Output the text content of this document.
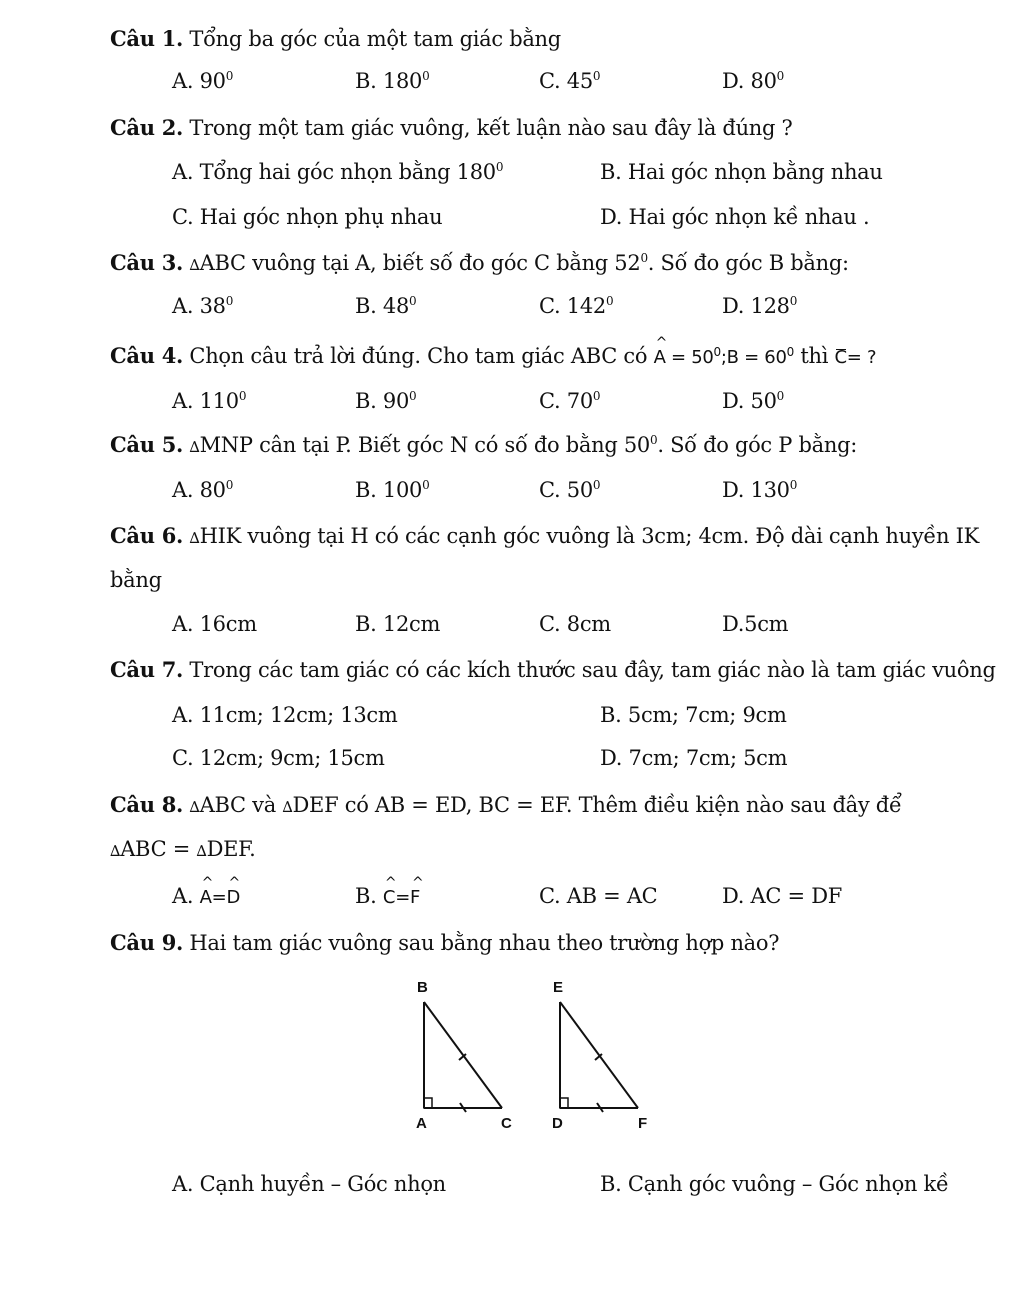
Câu 1. Tổng ba góc của một tam giác bằng
A. $90^0$	B. $180^0$	C. $45^0$	D. $80^0$
Câu 2. Trong một tam giác vuông, kết luận nào sau đây là đúng ?
A. Tổng hai góc nhọn bằng $180^0$	B. Hai góc nhọn bằng nhau
C. Hai góc nhọn phụ nhau	D. Hai góc nhọn kề nhau .
Câu 3. ∆ABC vuông tại A, biết số đo góc C bằng $52^0$. Số đo góc B bằng:
A. $38^0$	B. $48^0$	C. $142^0$	D. $128^0$
Câu 4. Chọn câu trả lời đúng. Cho tam giác ABC có ^ $A = 50^0;B = 60^0$ thì C= ?
A. $110^0$	B. $90^0$	C. $70^0$	D. $50^0$
Câu 5. ∆MNP cân tại P. Biết góc N có số đo bằng $50^0$. Số đo góc P bằng:
A. $80^0$	B. $100^0$	C. $50^0$	D. $130^0$
Câu 6. ∆HIK vuông tại H có các cạnh góc vuông là 3cm; 4cm. Độ dài cạnh huyền IK
bằng
A. 16cm	B. 12cm	C. 8cm	D.5cm
Câu 7. Trong các tam giác có các kích thước sau đây, tam giác nào là tam giác vuông
A. 11cm; 12cm; 13cm	B. 5cm; 7cm; 9cm
C. 12cm; 9cm; 15cm	D. 7cm; 7cm; 5cm
Câu 8. ∆ABC và ∆DEF có AB = ED, BC = EF. Thêm điều kiện nào sau đây để
∆ABC = ∆DEF.
A. ^ A=^ D	B. ^ C=^ F	C. AB = AC	D. AC = DF
Câu 9. Hai tam giác vuông sau bằng nhau theo trường hợp nào?
B
A	C
E
D	F
A. Cạnh huyền – Góc nhọn	B. Cạnh góc vuông – Góc nhọn kề
